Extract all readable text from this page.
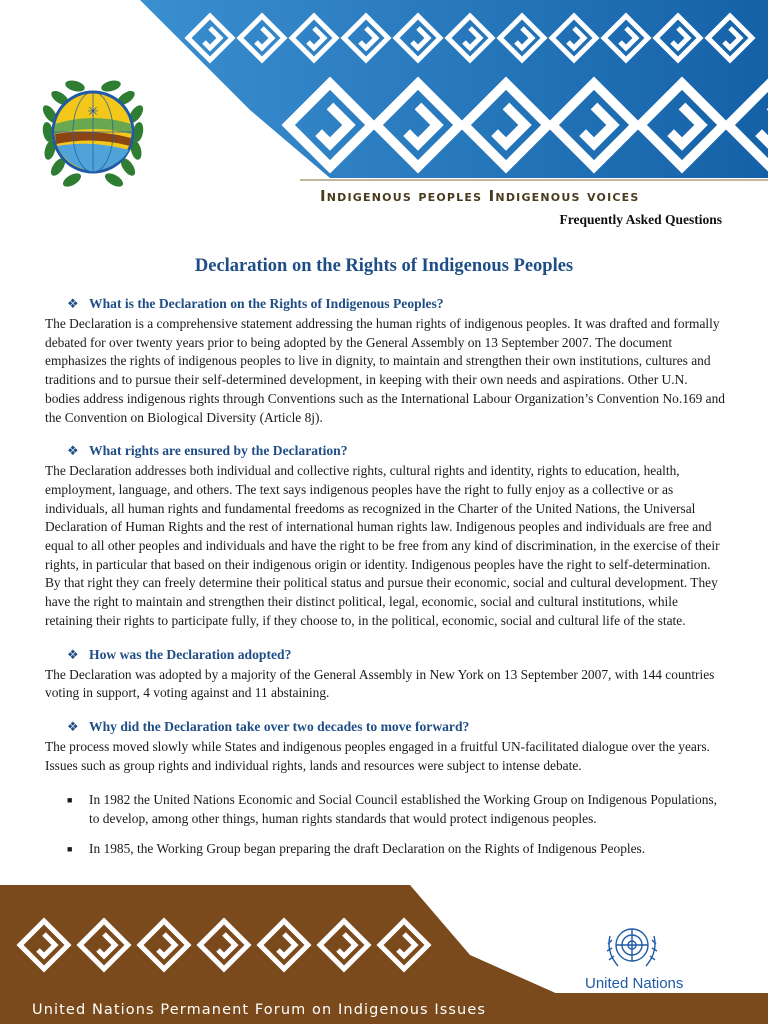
✳
Indigenous peoples Indigenous voices
Frequently Asked Questions
Declaration on the Rights of Indigenous Peoples
❖ What is the Declaration on the Rights of Indigenous Peoples?

The Declaration is a comprehensive statement addressing the human rights of indigenous peoples. It was drafted and formally debated for over twenty years prior to being adopted by the General Assembly on 13 September 2007. The document emphasizes the rights of indigenous peoples to live in dignity, to maintain and strengthen their own institutions, cultures and traditions and to pursue their self-determined development, in keeping with their own needs and aspirations. Other U.N. bodies address indigenous rights through Conventions such as the International Labour Organization’s Convention No.169 and the Convention on Biological Diversity (Article 8j).

❖ What rights are ensured by the Declaration?

The Declaration addresses both individual and collective rights, cultural rights and identity, rights to education, health, employment, language, and others. The text says indigenous peoples have the right to fully enjoy as a collective or as individuals, all human rights and fundamental freedoms as recognized in the Charter of the United Nations, the Universal Declaration of Human Rights and the rest of international human rights law. Indigenous peoples and individuals are free and equal to all other peoples and individuals and have the right to be free from any kind of discrimination, in the exercise of their rights, in particular that based on their indigenous origin or identity. Indigenous peoples have the right to self-determination. By that right they can freely determine their political status and pursue their economic, social and cultural development. They have the right to maintain and strengthen their distinct political, legal, economic, social and cultural institutions, while retaining their rights to participate fully, if they choose to, in the political, economic, social and cultural life of the state.

❖ How was the Declaration adopted?

The Declaration was adopted by a majority of the General Assembly in New York on 13 September 2007, with 144 countries voting in support, 4 voting against and 11 abstaining.

❖ Why did the Declaration take over two decades to move forward?

The process moved slowly while States and indigenous peoples engaged in a fruitful UN-facilitated dialogue over the years. Issues such as group rights and individual rights, lands and resources were subject to intense debate.

■	In 1982 the United Nations Economic and Social Council established the Working Group on Indigenous Populations, to develop, among other things, human rights standards that would protect indigenous peoples.
■	In 1985, the Working Group began preparing the draft Declaration on the Rights of Indigenous Peoples.
United Nations Permanent Forum on Indigenous Issues
United Nations
